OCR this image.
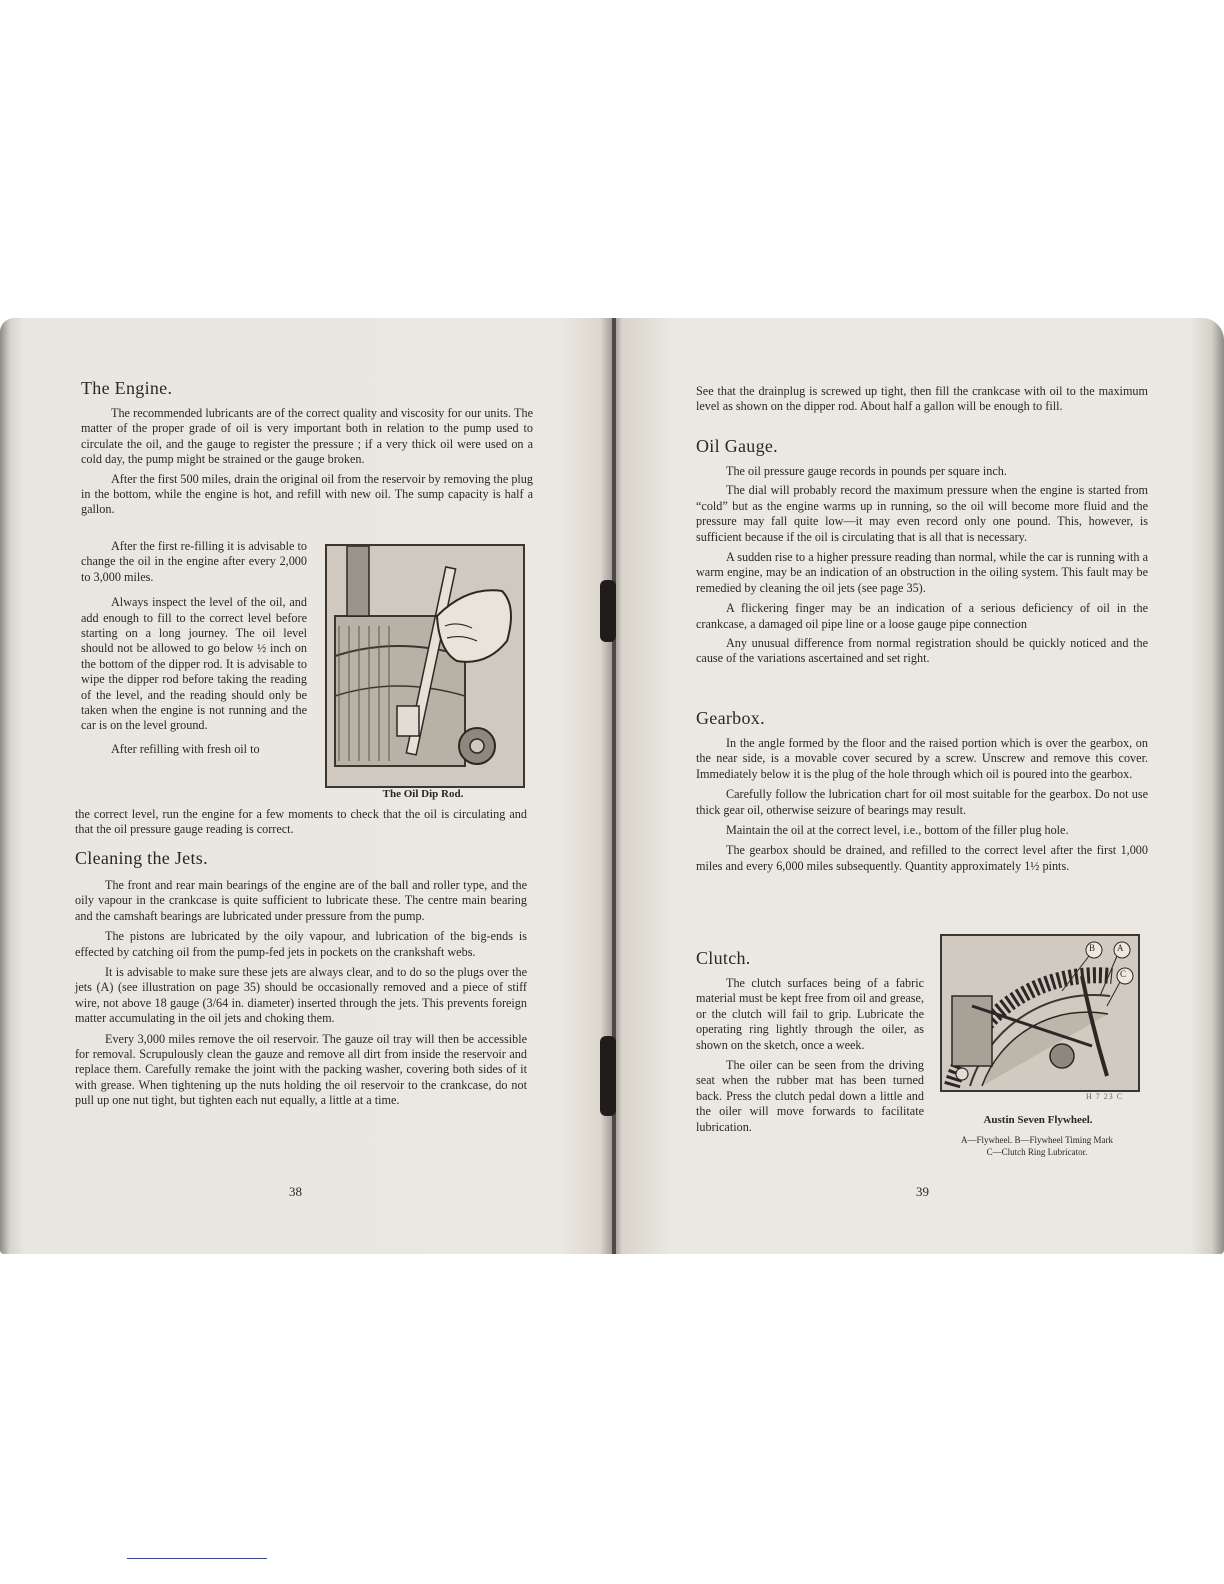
The Engine.

The recommended lubricants are of the correct quality and viscosity for our units. The matter of the proper grade of oil is very important both in relation to the pump used to circulate the oil, and the gauge to register the pressure ; if a very thick oil were used on a cold day, the pump might be strained or the gauge broken.

After the first 500 miles, drain the original oil from the reservoir by removing the plug in the bottom, while the engine is hot, and refill with new oil. The sump capacity is half a gallon.

After the first re-filling it is advisable to change the oil in the engine after every 2,000 to 3,000 miles.

Always inspect the level of the oil, and add enough to fill to the correct level before starting on a long journey. The oil level should not be allowed to go below ½ inch on the bottom of the dipper rod. It is advisable to wipe the dipper rod before taking the reading of the level, and the reading should only be taken when the engine is not running and the car is on the level ground.

After refilling with fresh oil to

The Oil Dip Rod.

the correct level, run the engine for a few moments to check that the oil is circulating and that the oil pressure gauge reading is correct.

Cleaning the Jets.

The front and rear main bearings of the engine are of the ball and roller type, and the oily vapour in the crankcase is quite sufficient to lubricate these. The centre main bearing and the camshaft bearings are lubricated under pressure from the pump.

The pistons are lubricated by the oily vapour, and lubrication of the big-ends is effected by catching oil from the pump-fed jets in pockets on the crankshaft webs.

It is advisable to make sure these jets are always clear, and to do so the plugs over the jets (A) (see illustration on page 35) should be occasionally removed and a piece of stiff wire, not above 18 gauge (3/64 in. diameter) inserted through the jets. This prevents foreign matter accumulating in the oil jets and choking them.

Every 3,000 miles remove the oil reservoir. The gauze oil tray will then be accessible for removal. Scrupulously clean the gauze and remove all dirt from inside the reservoir and replace them. Carefully remake the joint with the packing washer, covering both sides of it with grease. When tightening up the nuts holding the oil reservoir to the crankcase, do not pull up one nut tight, but tighten each nut equally, a little at a time.

38

See that the drainplug is screwed up tight, then fill the crankcase with oil to the maximum level as shown on the dipper rod. About half a gallon will be enough to fill.

Oil Gauge.

The oil pressure gauge records in pounds per square inch.

The dial will probably record the maximum pressure when the engine is started from “cold” but as the engine warms up in running, so the oil will become more fluid and the pressure may fall quite low—it may even record only one pound. This, however, is sufficient because if the oil is circulating that is all that is necessary.

A sudden rise to a higher pressure reading than normal, while the car is running with a warm engine, may be an indication of an obstruction in the oiling system. This fault may be remedied by cleaning the oil jets (see page 35).

A flickering finger may be an indication of a serious deficiency of oil in the crankcase, a damaged oil pipe line or a loose gauge pipe connection

Any unusual difference from normal registration should be quickly noticed and the cause of the variations ascertained and set right.

Gearbox.

In the angle formed by the floor and the raised portion which is over the gearbox, on the near side, is a movable cover secured by a screw. Unscrew and remove this cover. Immediately below it is the plug of the hole through which oil is poured into the gearbox.

Carefully follow the lubrication chart for oil most suitable for the gearbox. Do not use thick gear oil, otherwise seizure of bearings may result.

Maintain the oil at the correct level, i.e., bottom of the filler plug hole.

The gearbox should be drained, and refilled to the correct level after the first 1,000 miles and every 6,000 miles subsequently. Quantity approximately 1½ pints.

Clutch.

The clutch surfaces being of a fabric material must be kept free from oil and grease, or the clutch will fail to grip. Lubricate the operating ring lightly through the oiler, as shown on the sketch, once a week.

The oiler can be seen from the driving seat when the rubber mat has been turned back. Press the clutch pedal down a little and the oiler will move forwards to facilitate lubrication.

B A
C
H 7 23 C
Austin Seven Flywheel.
A—Flywheel. B—Flywheel Timing Mark
C—Clutch Ring Lubricator.
39
